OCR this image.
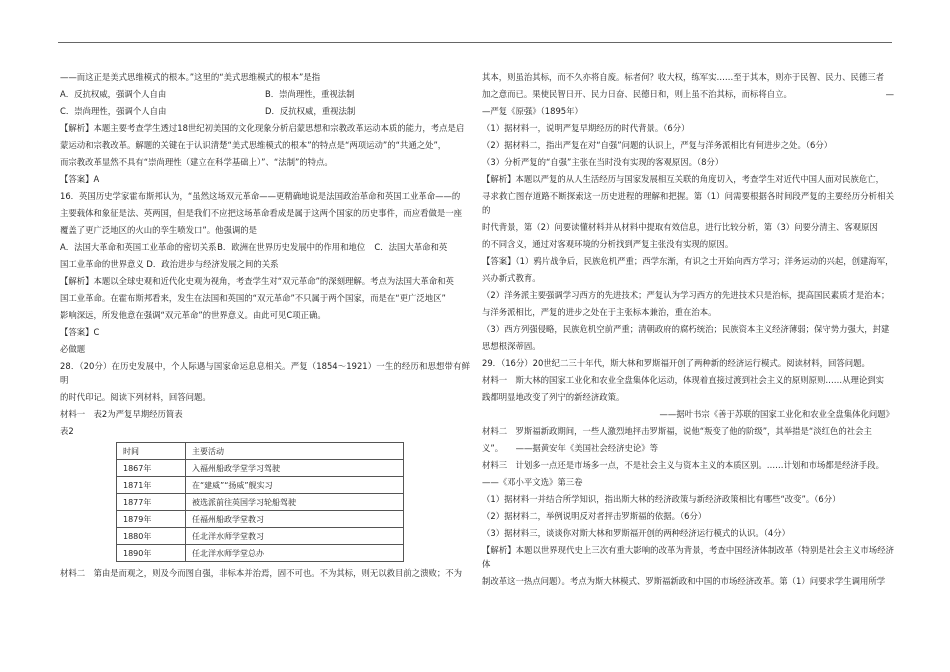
——而这正是美式思维模式的根本。”这里的“美式思维模式的根本”是指

A．反抗权威，强调个人自由	B．崇尚理性，重视法制
C．崇尚理性，强调个人自由	D．反抗权威，重视法制

【解析】本题主要考查学生透过18世纪初美国的文化现象分析启蒙思想和宗教改革运动本质的能力，考点是启

蒙运动和宗教改革。解题的关键在于认识清楚“美式思维模式的根本”的特点是“两项运动”的“共通之处”，

而宗教改革显然不具有“崇尚理性（建立在科学基础上）”、“法制”的特点。

【答案】A

16．英国历史学家霍布斯邦认为，“虽然这场双元革命——更精确地说是法国政治革命和英国工业革命——的

主要载体和象征是法、英两国，但是我们不应把这场革命看成是属于这两个国家的历史事件，而应看做是一座

覆盖了更广泛地区的火山的孪生喷发口”。他强调的是

A．法国大革命和英国工业革命的密切关系 B．欧洲在世界历史发展中的作用和地位	C．法国大革命和英

国工业革命的世界意义 D．政治进步与经济发展之间的关系

【解析】本题以全球史观和近代化史观为视角，考查学生对“双元革命”的深刻理解。考点为法国大革命和英

国工业革命。在霍布斯邦看来，发生在法国和英国的“双元革命”不只属于两个国家，而是在“更广泛地区”

影响深远，所发他意在强调“双元革命”的世界意义。由此可见C项正确。

【答案】C

必做题

28．（20分）在历史发展中，个人际遇与国家命运息息相关。严复（1854～1921）一生的经历和思想带有鲜明

的时代印记。阅读下列材料，回答问题。

材料一　表2为严复早期经历简表

表2

时间	主要活动
1867年	入福州船政学堂学习驾驶
1871年	在“建威”“扬威”舰实习
1877年	被选派前往英国学习轮船驾驶
1879年	任福州船政学堂教习
1880年	任北洋水师学堂教习
1890年	任北洋水师学堂总办

材料二　第由是而观之，则及今而图自强，非标本并治焉，固不可也。不为其标，则无以救目前之溃败；不为

其本，则虽治其标，而不久亦将自废。标者何？收大权，练军实……至于其本，则亦于民智、民力、民德三者

加之意而已。果使民智日开、民力日奋、民德日和，则上虽不治其标，而标将自立。	—

—严复《原强》（1895年）

（1）据材料一，说明严复早期经历的时代背景。（6分）

（2）据材料二，指出严复在对“自强”问题的认识上，严复与洋务派相比有何进步之处。（6分）

（3）分析严复的“自强”主张在当时没有实现的客观原因。（8分）

【解析】本题以严复的从人生活经历与国家发展相互关联的角度切入，考查学生对近代中国人面对民族危亡，

寻求救亡图存道路不断探索这一历史进程的理解和把握。第（1）问需要根据各时间段严复的主要经历分析相关的

时代背景，第（2）问要读懂材料并从材料中提取有效信息，进行比较分析，第（3）问要分清主、客观原因

的不同含义，通过对客观环境的分析找到严复主张没有实现的原因。

【答案】（1）鸦片战争后，民族危机严重；西学东渐，有识之士开始向西方学习；洋务运动的兴起，创建海军，

兴办新式教育。

（2）洋务派主要强调学习西方的先进技术；严复认为学习西方的先进技术只是治标，提高国民素质才是治本；

与洋务派相比，严复的进步之处在于主张标本兼治，重在治本。

（3）西方列强侵略，民族危机空前严重；清朝政府的腐朽统治；民族资本主义经济薄弱；保守势力强大，封建

思想根深蒂固。

29．（16分）20世纪二三十年代，斯大林和罗斯福开创了两种新的经济运行模式。阅读材料，回答问题。

材料一　斯大林的国家工业化和农业全盘集体化运动，体现着直接过渡到社会主义的原则原则……从理论到实

践都明显地改变了列宁的新经济政策。

——据叶书宗《善于苏联的国家工业化和农业全盘集体化问题》

材料二　罗斯福新政期间，一些人激烈地抨击罗斯福，说他“叛变了他的阶级”，其举措是“淡红色的社会主

义”。　　——据黄安年《美国社会经济史论》等

材料三　计划多一点还是市场多一点，不是社会主义与资本主义的本质区别。……计划和市场都是经济手段。

——《邓小平文选》第三卷

（1）据材料一并结合所学知识，指出斯大林的经济政策与新经济政策相比有哪些“改变”。（6分）

（2）据材料二，举例说明反对者抨击罗斯福的依据。（6分）

（3）据材料三，谈谈你对斯大林和罗斯福开创的两种经济运行模式的认识。（4分）

【解析】本题以世界现代史上三次有重大影响的改革为背景，考查中国经济体制改革（特别是社会主义市场经济体

制改革这一热点问题）。考点为斯大林模式、罗斯福新政和中国的市场经济改革。第（1）问要求学生调用所学
